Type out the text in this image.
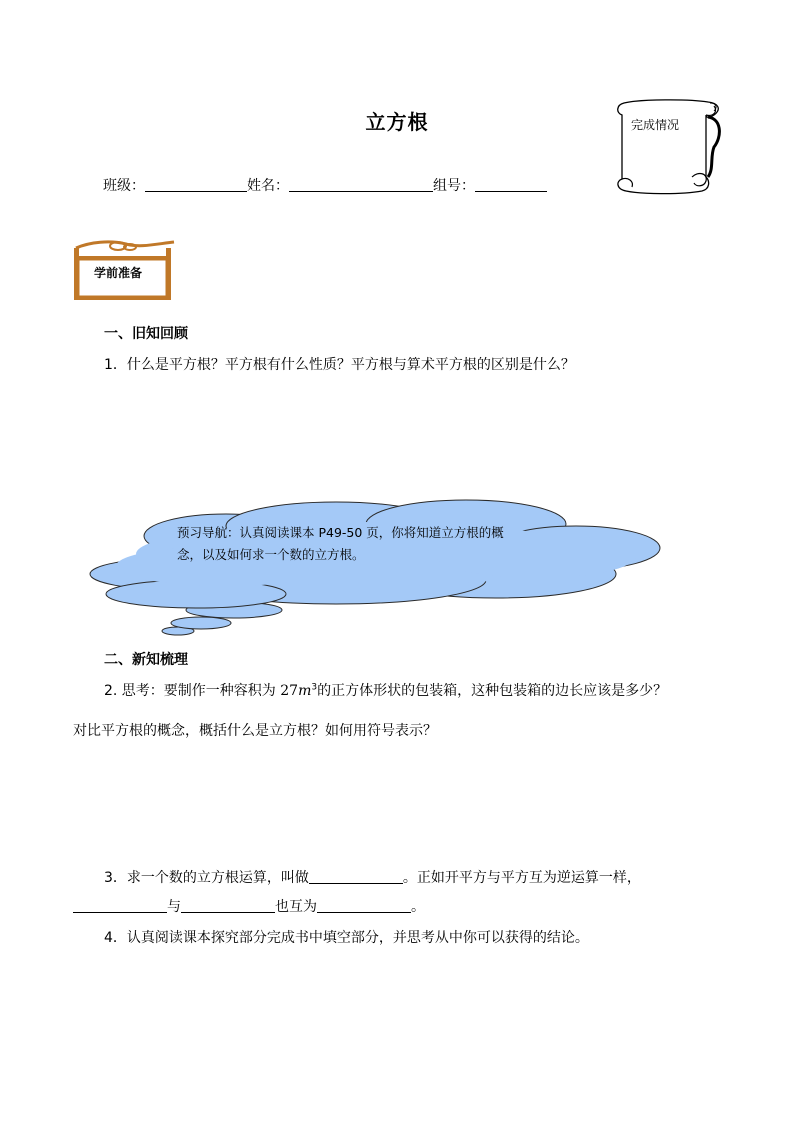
立方根	完成情况
班级：	姓名：	组号：
学前准备
一、旧知回顾
1．什么是平方根？平方根有什么性质？平方根与算术平方根的区别是什么？
预习导航：认真阅读课本 P49-50 页，你将知道立方根的概
念，以及如何求一个数的立方根。
二、新知梳理
2. 思考：要制作一种容积为 $27m^3$的正方体形状的包装箱，这种包装箱的边长应该是多少？
对比平方根的概念，概括什么是立方根？如何用符号表示？
3．求一个数的立方根运算，叫做	。正如开平方与平方互为逆运算一样，
与	也互为	。
4．认真阅读课本探究部分完成书中填空部分，并思考从中你可以获得的结论。
